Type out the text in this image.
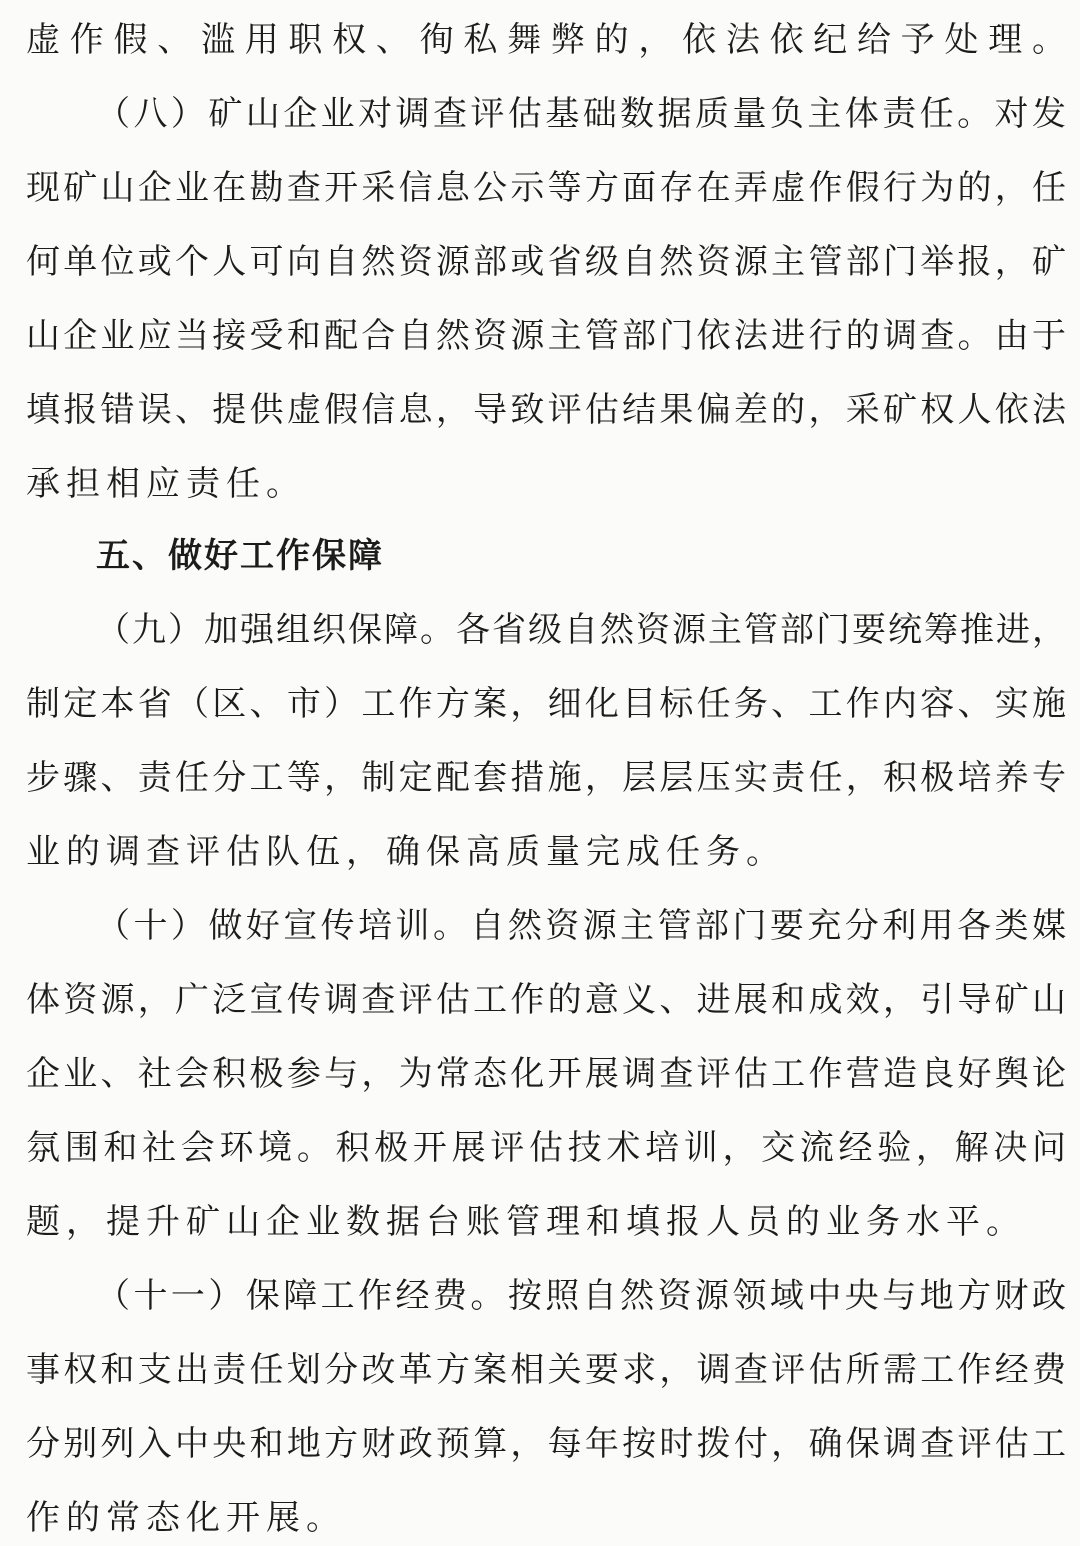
虚作假、滥用职权、徇私舞弊的，依法依纪给予处理。
（八）矿山企业对调查评估基础数据质量负主体责任。对发
现矿山企业在勘查开采信息公示等方面存在弄虚作假行为的，任
何单位或个人可向自然资源部或省级自然资源主管部门举报，矿
山企业应当接受和配合自然资源主管部门依法进行的调查。由于
填报错误、提供虚假信息，导致评估结果偏差的，采矿权人依法
承担相应责任。
五、做好工作保障
（九）加强组织保障。各省级自然资源主管部门要统筹推进，
制定本省（区、市）工作方案，细化目标任务、工作内容、实施
步骤、责任分工等，制定配套措施，层层压实责任，积极培养专
业的调查评估队伍，确保高质量完成任务。
（十）做好宣传培训。自然资源主管部门要充分利用各类媒
体资源，广泛宣传调查评估工作的意义、进展和成效，引导矿山
企业、社会积极参与，为常态化开展调查评估工作营造良好舆论
氛围和社会环境。积极开展评估技术培训，交流经验，解决问
题，提升矿山企业数据台账管理和填报人员的业务水平。
（十一）保障工作经费。按照自然资源领域中央与地方财政
事权和支出责任划分改革方案相关要求，调查评估所需工作经费
分别列入中央和地方财政预算，每年按时拨付，确保调查评估工
作的常态化开展。
